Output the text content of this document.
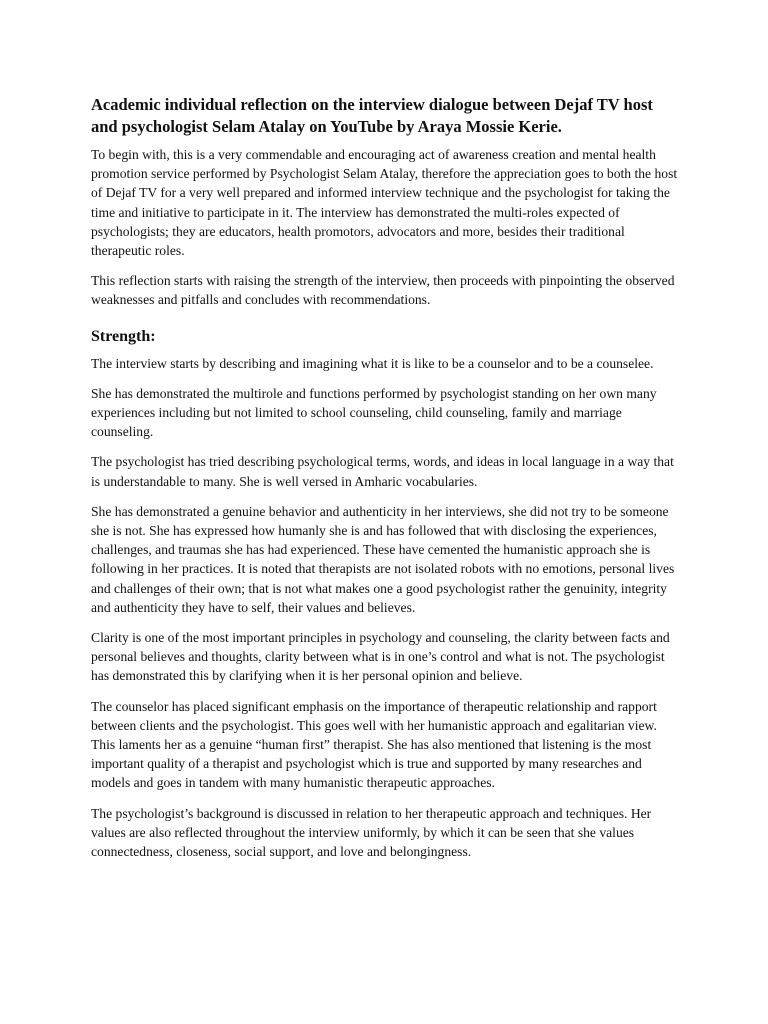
Academic individual reflection on the interview dialogue between Dejaf TV host and psychologist Selam Atalay on YouTube by Araya Mossie Kerie.

To begin with, this is a very commendable and encouraging act of awareness creation and mental health promotion service performed by Psychologist Selam Atalay, therefore the appreciation goes to both the host of Dejaf TV for a very well prepared and informed interview technique and the psychologist for taking the time and initiative to participate in it. The interview has demonstrated the multi-roles expected of psychologists; they are educators, health promotors, advocators and more, besides their traditional therapeutic roles.

This reflection starts with raising the strength of the interview, then proceeds with pinpointing the observed weaknesses and pitfalls and concludes with recommendations.

Strength:

The interview starts by describing and imagining what it is like to be a counselor and to be a counselee.

She has demonstrated the multirole and functions performed by psychologist standing on her own many experiences including but not limited to school counseling, child counseling, family and marriage counseling.

The psychologist has tried describing psychological terms, words, and ideas in local language in a way that is understandable to many. She is well versed in Amharic vocabularies.

She has demonstrated a genuine behavior and authenticity in her interviews, she did not try to be someone she is not. She has expressed how humanly she is and has followed that with disclosing the experiences, challenges, and traumas she has had experienced. These have cemented the humanistic approach she is following in her practices. It is noted that therapists are not isolated robots with no emotions, personal lives and challenges of their own; that is not what makes one a good psychologist rather the genuinity, integrity and authenticity they have to self, their values and believes.

Clarity is one of the most important principles in psychology and counseling, the clarity between facts and personal believes and thoughts, clarity between what is in one’s control and what is not. The psychologist has demonstrated this by clarifying when it is her personal opinion and believe.

The counselor has placed significant emphasis on the importance of therapeutic relationship and rapport between clients and the psychologist. This goes well with her humanistic approach and egalitarian view. This laments her as a genuine “human first” therapist. She has also mentioned that listening is the most important quality of a therapist and psychologist which is true and supported by many researches and models and goes in tandem with many humanistic therapeutic approaches.

The psychologist’s background is discussed in relation to her therapeutic approach and techniques. Her values are also reflected throughout the interview uniformly, by which it can be seen that she values connectedness, closeness, social support, and love and belongingness.
